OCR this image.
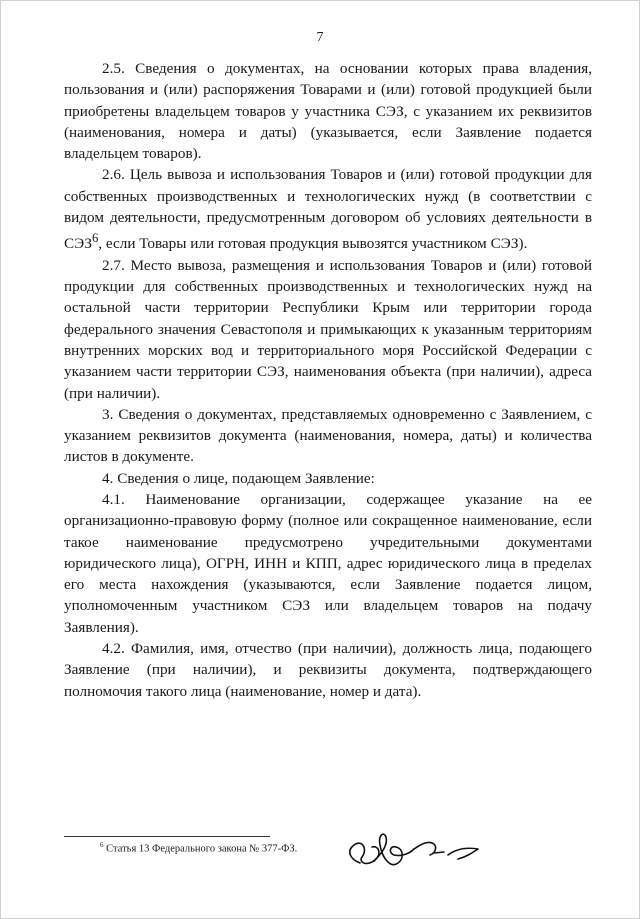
7

2.5. Сведения о документах, на основании которых права владения, пользования и (или) распоряжения Товарами и (или) готовой продукцией были приобретены владельцем товаров у участника СЭЗ, с указанием их реквизитов (наименования, номера и даты) (указывается, если Заявление подается владельцем товаров).

2.6. Цель вывоза и использования Товаров и (или) готовой продукции для собственных производственных и технологических нужд (в соответствии с видом деятельности, предусмотренным договором об условиях деятельности в СЭЗ$^6$, если Товары или готовая продукция вывозятся участником СЭЗ).

2.7. Место вывоза, размещения и использования Товаров и (или) готовой продукции для собственных производственных и технологических нужд на остальной части территории Республики Крым или территории города федерального значения Севастополя и примыкающих к указанным территориям внутренних морских вод и территориального моря Российской Федерации с указанием части территории СЭЗ, наименования объекта (при наличии), адреса (при наличии).

3. Сведения о документах, представляемых одновременно с Заявлением, с указанием реквизитов документа (наименования, номера, даты) и количества листов в документе.

4. Сведения о лице, подающем Заявление:

4.1. Наименование организации, содержащее указание на ее организационно-правовую форму (полное или сокращенное наименование, если такое наименование предусмотрено учредительными документами юридического лица), ОГРН, ИНН и КПП, адрес юридического лица в пределах его места нахождения (указываются, если Заявление подается лицом, уполномоченным участником СЭЗ или владельцем товаров на подачу Заявления).

4.2. Фамилия, имя, отчество (при наличии), должность лица, подающего Заявление (при наличии), и реквизиты документа, подтверждающего полномочия такого лица (наименование, номер и дата).

$^6$ Статья 13 Федерального закона № 377-ФЗ.
